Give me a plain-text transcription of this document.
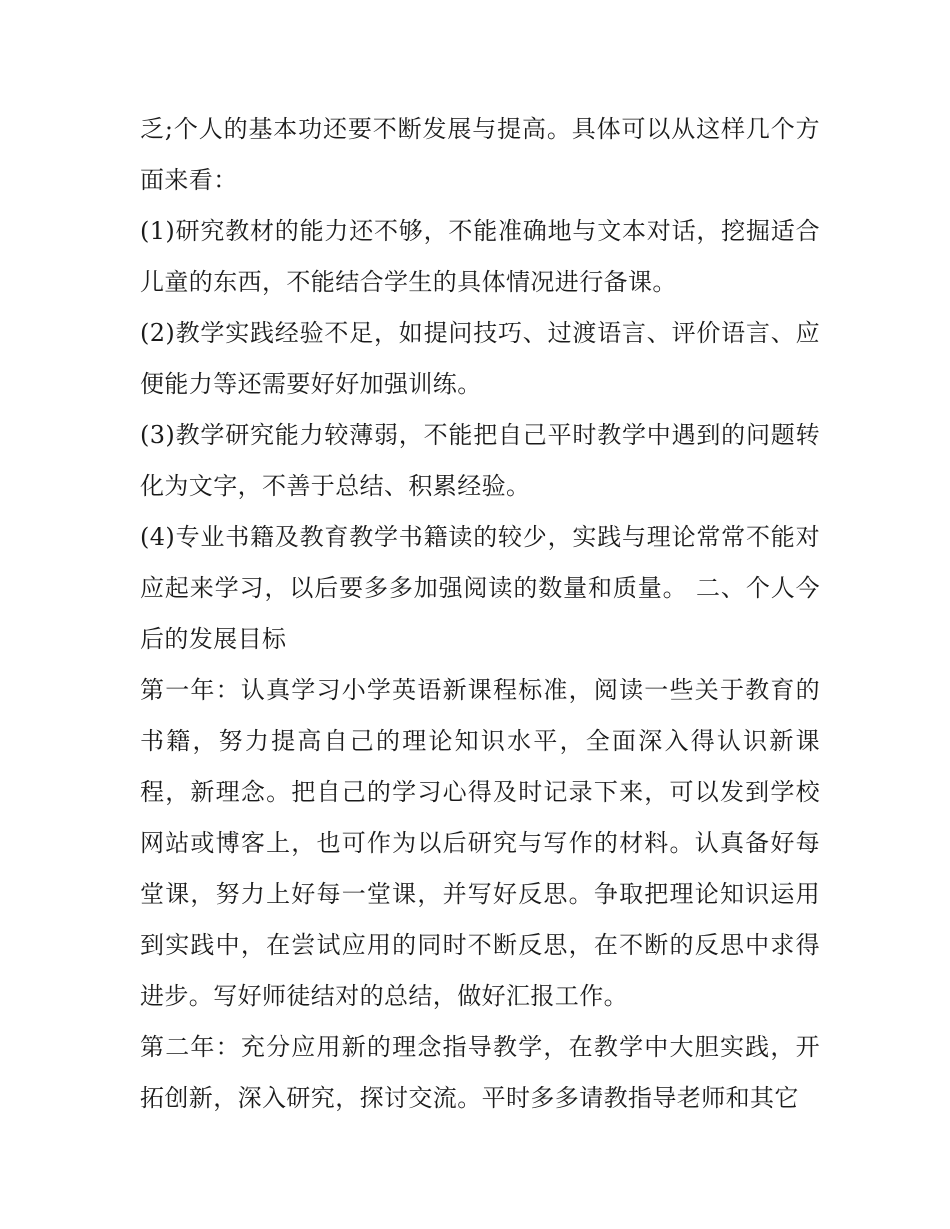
乏;个人的基本功还要不断发展与提高。具体可以从这样几个方面来看：

(1)研究教材的能力还不够，不能准确地与文本对话，挖掘适合儿童的东西，不能结合学生的具体情况进行备课。

(2)教学实践经验不足，如提问技巧、过渡语言、评价语言、应便能力等还需要好好加强训练。

(3)教学研究能力较薄弱，不能把自己平时教学中遇到的问题转化为文字，不善于总结、积累经验。

(4)专业书籍及教育教学书籍读的较少，实践与理论常常不能对应起来学习，以后要多多加强阅读的数量和质量。 二、个人今后的发展目标

第一年：认真学习小学英语新课程标准，阅读一些关于教育的书籍，努力提高自己的理论知识水平，全面深入得认识新课程，新理念。把自己的学习心得及时记录下来，可以发到学校网站或博客上，也可作为以后研究与写作的材料。认真备好每堂课，努力上好每一堂课，并写好反思。争取把理论知识运用到实践中，在尝试应用的同时不断反思，在不断的反思中求得进步。写好师徒结对的总结，做好汇报工作。

第二年：充分应用新的理念指导教学，在教学中大胆实践，开拓创新，深入研究，探讨交流。平时多多请教指导老师和其它
